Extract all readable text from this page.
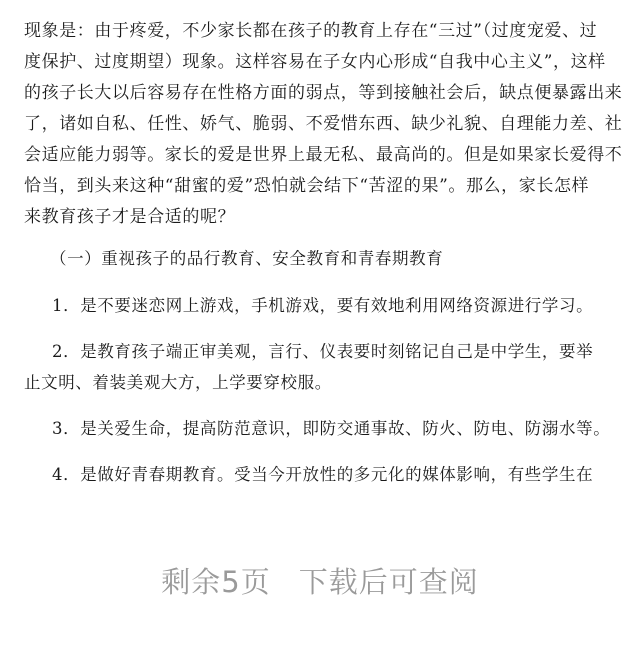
现象是：由于疼爱，不少家长都在孩子的教育上存在“三过”（过度宠爱、过
度保护、过度期望）现象。这样容易在子女内心形成“自我中心主义”，这样
的孩子长大以后容易存在性格方面的弱点，等到接触社会后，缺点便暴露出来
了，诸如自私、任性、娇气、脆弱、不爱惜东西、缺少礼貌、自理能力差、社
会适应能力弱等。家长的爱是世界上最无私、最高尚的。但是如果家长爱得不
恰当，到头来这种“甜蜜的爱”恐怕就会结下“苦涩的果”。那么，家长怎样
来教育孩子才是合适的呢？
（一）重视孩子的品行教育、安全教育和青春期教育
1．是不要迷恋网上游戏，手机游戏，要有效地利用网络资源进行学习。
2．是教育孩子端正审美观，言行、仪表要时刻铭记自己是中学生，要举
止文明、着装美观大方，上学要穿校服。
3．是关爱生命，提高防范意识，即防交通事故、防火、防电、防溺水等。
4．是做好青春期教育。受当今开放性的多元化的媒体影响，有些学生在
剩余5页 下载后可查阅
